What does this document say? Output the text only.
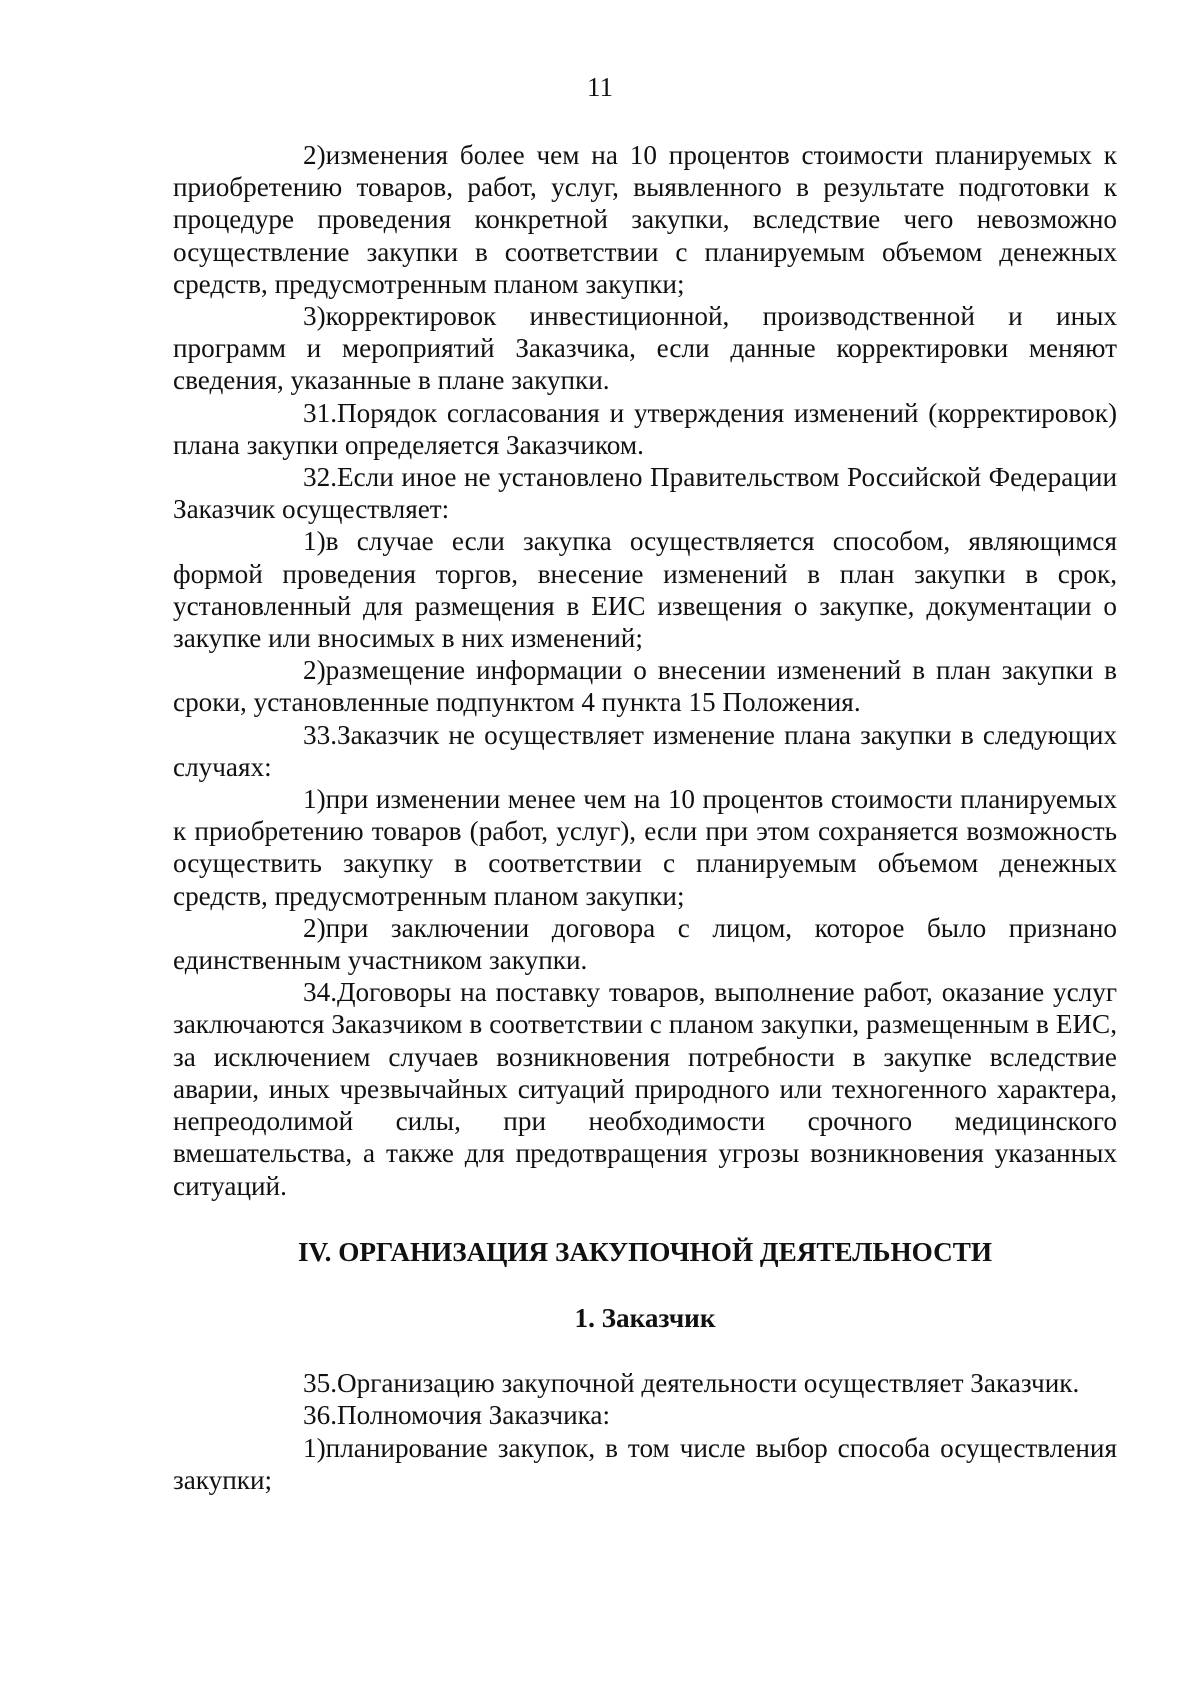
11

2)изменения более чем на 10 процентов стоимости планируемых к приобретению товаров, работ, услуг, выявленного в результате подготовки к процедуре проведения конкретной закупки, вследствие чего невозможно осуществление закупки в соответствии с планируемым объемом денежных средств, предусмотренным планом закупки;

3)корректировок инвестиционной, производственной и иных программ и мероприятий Заказчика, если данные корректировки меняют сведения, указанные в плане закупки.

31.Порядок согласования и утверждения изменений (корректировок) плана закупки определяется Заказчиком.

32.Если иное не установлено Правительством Российской Федерации Заказчик осуществляет:

1)в случае если закупка осуществляется способом, являющимся формой проведения торгов, внесение изменений в план закупки в срок, установленный для размещения в ЕИС извещения о закупке, документации о закупке или вносимых в них изменений;

2)размещение информации о внесении изменений в план закупки в сроки, установленные подпунктом 4 пункта 15 Положения.

33.Заказчик не осуществляет изменение плана закупки в следующих случаях:

1)при изменении менее чем на 10 процентов стоимости планируемых к приобретению товаров (работ, услуг), если при этом сохраняется возможность осуществить закупку в соответствии с планируемым объемом денежных средств, предусмотренным планом закупки;

2)при заключении договора с лицом, которое было признано единственным участником закупки.

34.Договоры на поставку товаров, выполнение работ, оказание услуг заключаются Заказчиком в соответствии с планом закупки, размещенным в ЕИС, за исключением случаев возникновения потребности в закупке вследствие аварии, иных чрезвычайных ситуаций природного или техногенного характера, непреодолимой силы, при необходимости срочного медицинского вмешательства, а также для предотвращения угрозы возникновения указанных ситуаций.

IV. ОРГАНИЗАЦИЯ ЗАКУПОЧНОЙ ДЕЯТЕЛЬНОСТИ
1. Заказчик

35.Организацию закупочной деятельности осуществляет Заказчик.

36.Полномочия Заказчика:

1)планирование закупок, в том числе выбор способа осуществления закупки;
